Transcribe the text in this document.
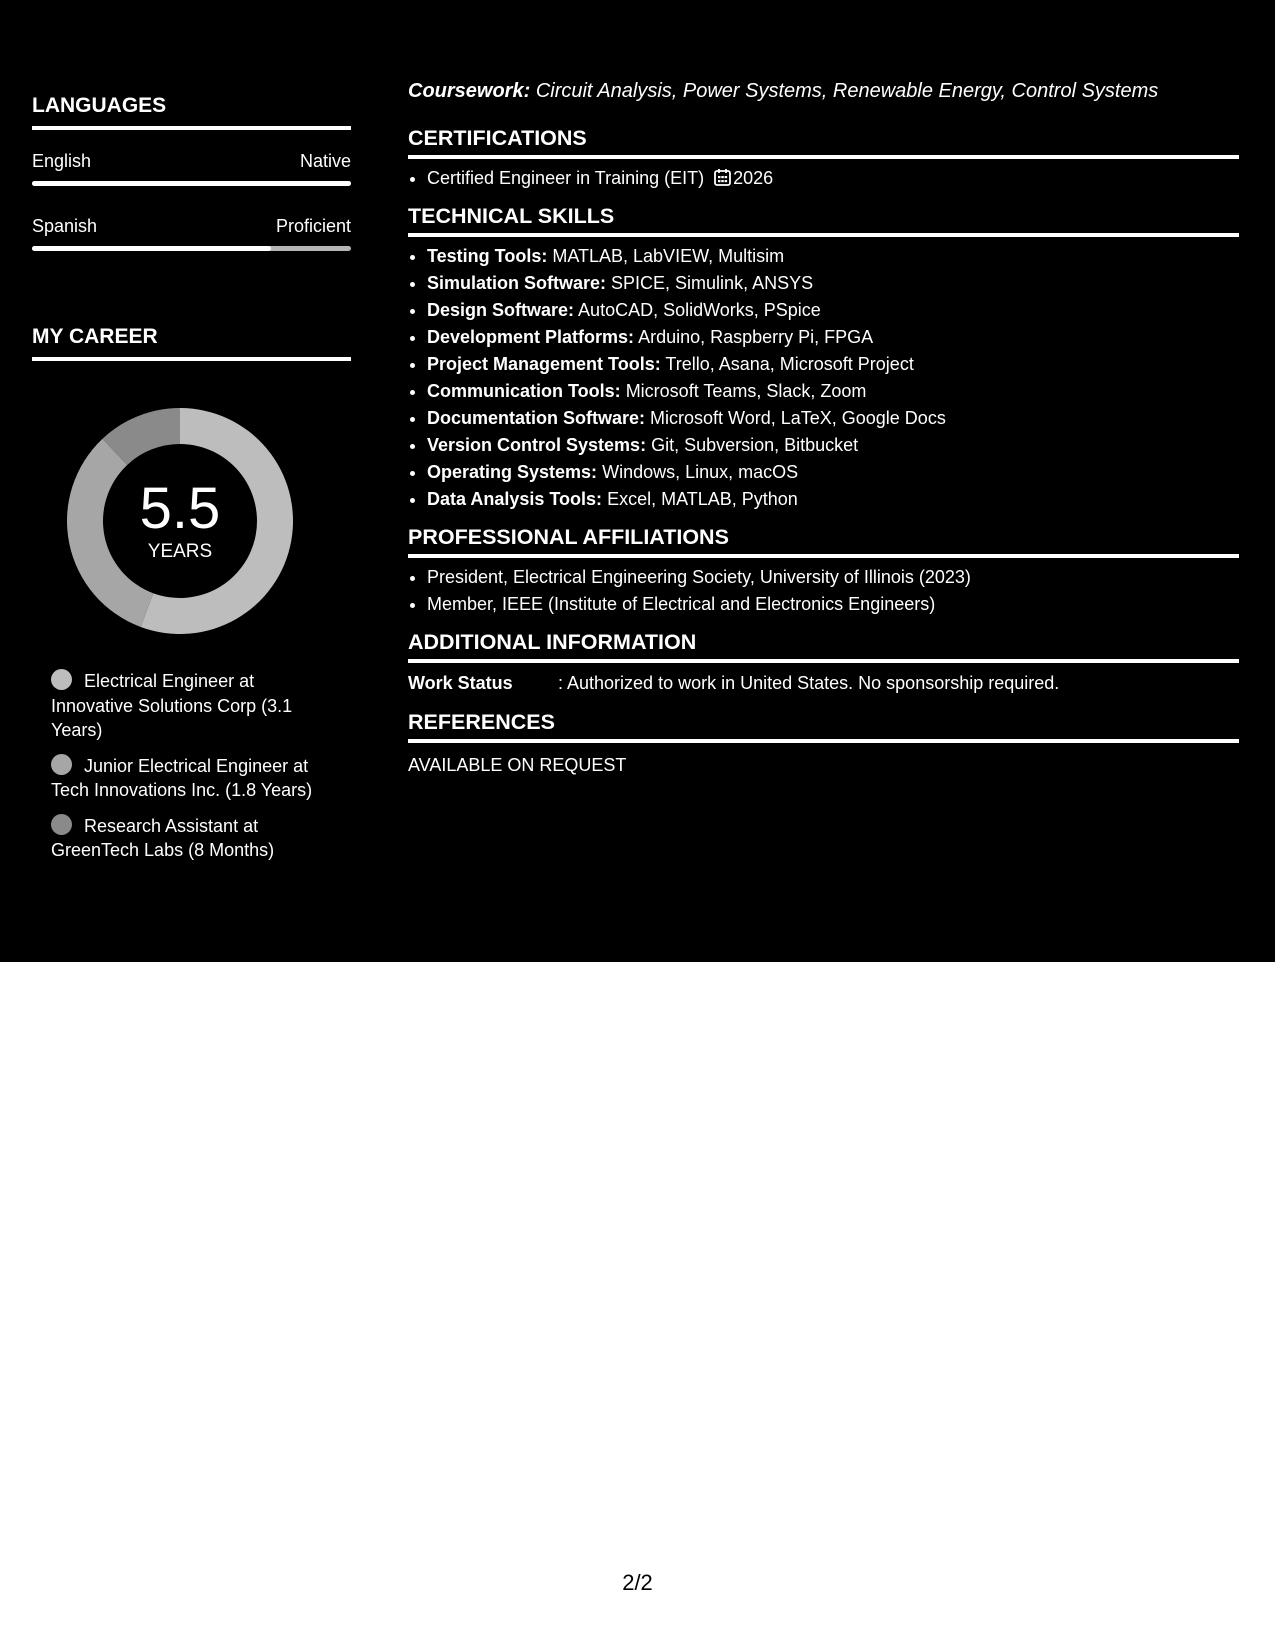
LANGUAGES
English	Native
Spanish	Proficient
MY CAREER
5.5
YEARS
Electrical Engineer at Innovative Solutions Corp (3.1 Years)
Junior Electrical Engineer at Tech Innovations Inc. (1.8 Years)
Research Assistant at GreenTech Labs (8 Months)

Coursework: Circuit Analysis, Power Systems, Renewable Energy, Control Systems

CERTIFICATIONS
• Certified Engineer in Training (EIT) 2026
TECHNICAL SKILLS
• Testing Tools: MATLAB, LabVIEW, Multisim
• Simulation Software: SPICE, Simulink, ANSYS
• Design Software: AutoCAD, SolidWorks, PSpice
• Development Platforms: Arduino, Raspberry Pi, FPGA
• Project Management Tools: Trello, Asana, Microsoft Project
• Communication Tools: Microsoft Teams, Slack, Zoom
• Documentation Software: Microsoft Word, LaTeX, Google Docs
• Version Control Systems: Git, Subversion, Bitbucket
• Operating Systems: Windows, Linux, macOS
• Data Analysis Tools: Excel, MATLAB, Python
PROFESSIONAL AFFILIATIONS
• President, Electrical Engineering Society, University of Illinois (2023)
• Member, IEEE (Institute of Electrical and Electronics Engineers)
ADDITIONAL INFORMATION
Work Status	: Authorized to work in United States. No sponsorship required.
REFERENCES
AVAILABLE ON REQUEST
2/2
